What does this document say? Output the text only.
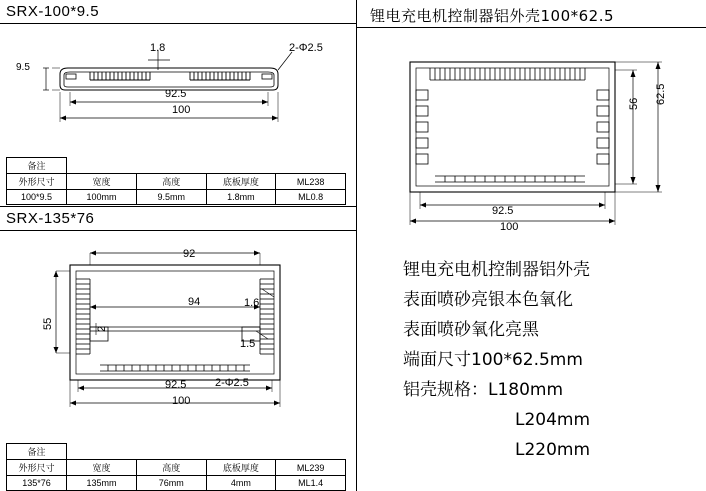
SRX-100*9.5
1.8
9.5
92.5
100
2-Φ2.5
备注				
外形尺寸	宽度	高度	底板厚度	ML238
100*9.5	100mm	9.5mm	1.8mm	ML0.8
SRX-135*76
92
55
1.6
94
2
1.5
92.5
100
2-Φ2.5
备注				
外形尺寸	宽度	高度	底板厚度	ML239
135*76	135mm	76mm	4mm	ML1.4
锂电充电机控制器铝外壳100*62.5
56 62.5
92.5
100
锂电充电机控制器铝外壳
表面喷砂亮银本色氧化
表面喷砂氧化亮黑
端面尺寸100*62.5mm
铝壳规格：L180mm
L204mm
L220mm
